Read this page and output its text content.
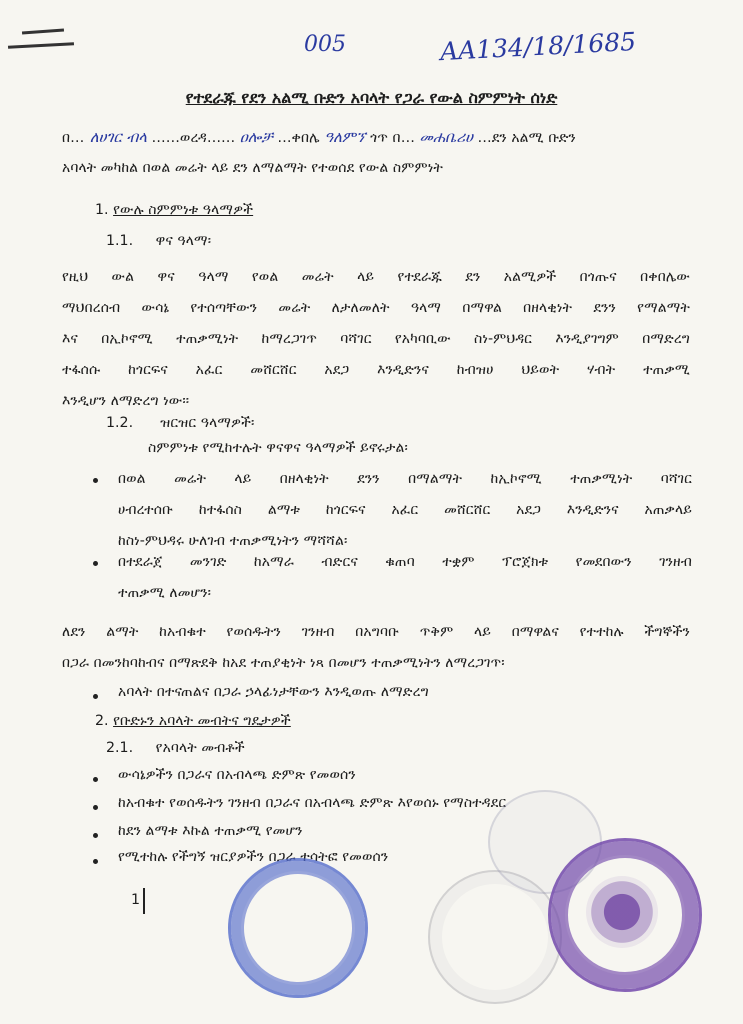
005	AA134/18/1685
የተደራጁ የደን አልሚ ቡድን አባላት የጋራ የውል ስምምነት ሰነድ
በ… ለሀገር ብላ ……ወረዳ…… ዐሎቻ …ቀበሌ ዓለምኘ ጎጥ በ… መሐቤሪሀ …ደን አልሚ ቡድን
አባላት መካከል በወል መሬት ላይ ደን ለማልማት የተወሰደ የውል ስምምነት
1. የውሉ ስምምነቱ ዓላማዎች
1.1. ዋና ዓላማ፡
የዚህ ውል ዋና ዓላማ የወል መሬት ላይ የተደራጁ ደን አልሚዎች በጎጡና በቀበሌው
ማህበረሰብ ውሳኔ የተሰጣቸውን መሬት ለታለመለት ዓላማ በማዋል በዘላቂነት ደንን የማልማት
እና በኢኮኖሚ ተጠቃሚነት ከማረጋገጥ ባሻገር የአካባቢው ስነ-ምህዳር እንዲያገግም በማድረግ
ተፋሰሱ ከጎርፍና አፈር መሸርሸር አደጋ እንዲድንና ከብዝሀ ህይወት ሃብት ተጠቃሚ
እንዲሆን ለማድረግ ነው፡፡
1.2. ዝርዝር ዓላማዎች፡
ስምምነቱ የሚከተሉት ዋናዋና ዓላማዎች ይኖሩታል፡
በወል መሬት ላይ በዘላቂነት ደንን በማልማት ከኢኮኖሚ ተጠቃሚነት ባሻገር
ሀብረተሰቡ ከተፋሰስ ልማቱ ከጎርፍና አፈር መሸርሸር አደጋ እንዲድንና አጠቃላይ
ከስነ-ምህዳሩ ሁለገብ ተጠቃሚነትን ማሻሻል፡
በተደራጀ መንገድ ከአማራ ብድርና ቁጠባ ተቋም ፕሮጀክቱ የመደበውን ገንዘብ
ተጠቃሚ ለመሆን፡
ለደን ልማት ከአብቁተ የወሰዱትን ገንዘብ በአግባቡ ጥቅም ላይ በማዋልና የተተከሉ ችግኞችን
በጋራ በመንከባከብና በማጽደቅ ከአደ ተጠያቂነት ነጻ በመሆን ተጠቃሚነትን ለማረጋገጥ፡
አባላት በተናጠልና በጋራ ኃላፊነታቸውን እንዲወጡ ለማድረግ
2. የቡድኑን አባላት መብትና ግዴታዎች
2.1. የአባላት መብቶች
ውሳኔዎችን በጋራና በአብላጫ ድምጽ የመወሰን
ከአብቁተ የወሰዱትን ገንዘብ በጋራና በአብላጫ ድምጽ እየወሰኑ የማስተዳደር
ከደን ልማቱ እኩል ተጠቃሚ የመሆን
የሚተከሉ የችግኝ ዝርያዎችን በጋራ ተሳትፎ የመወሰን
1
